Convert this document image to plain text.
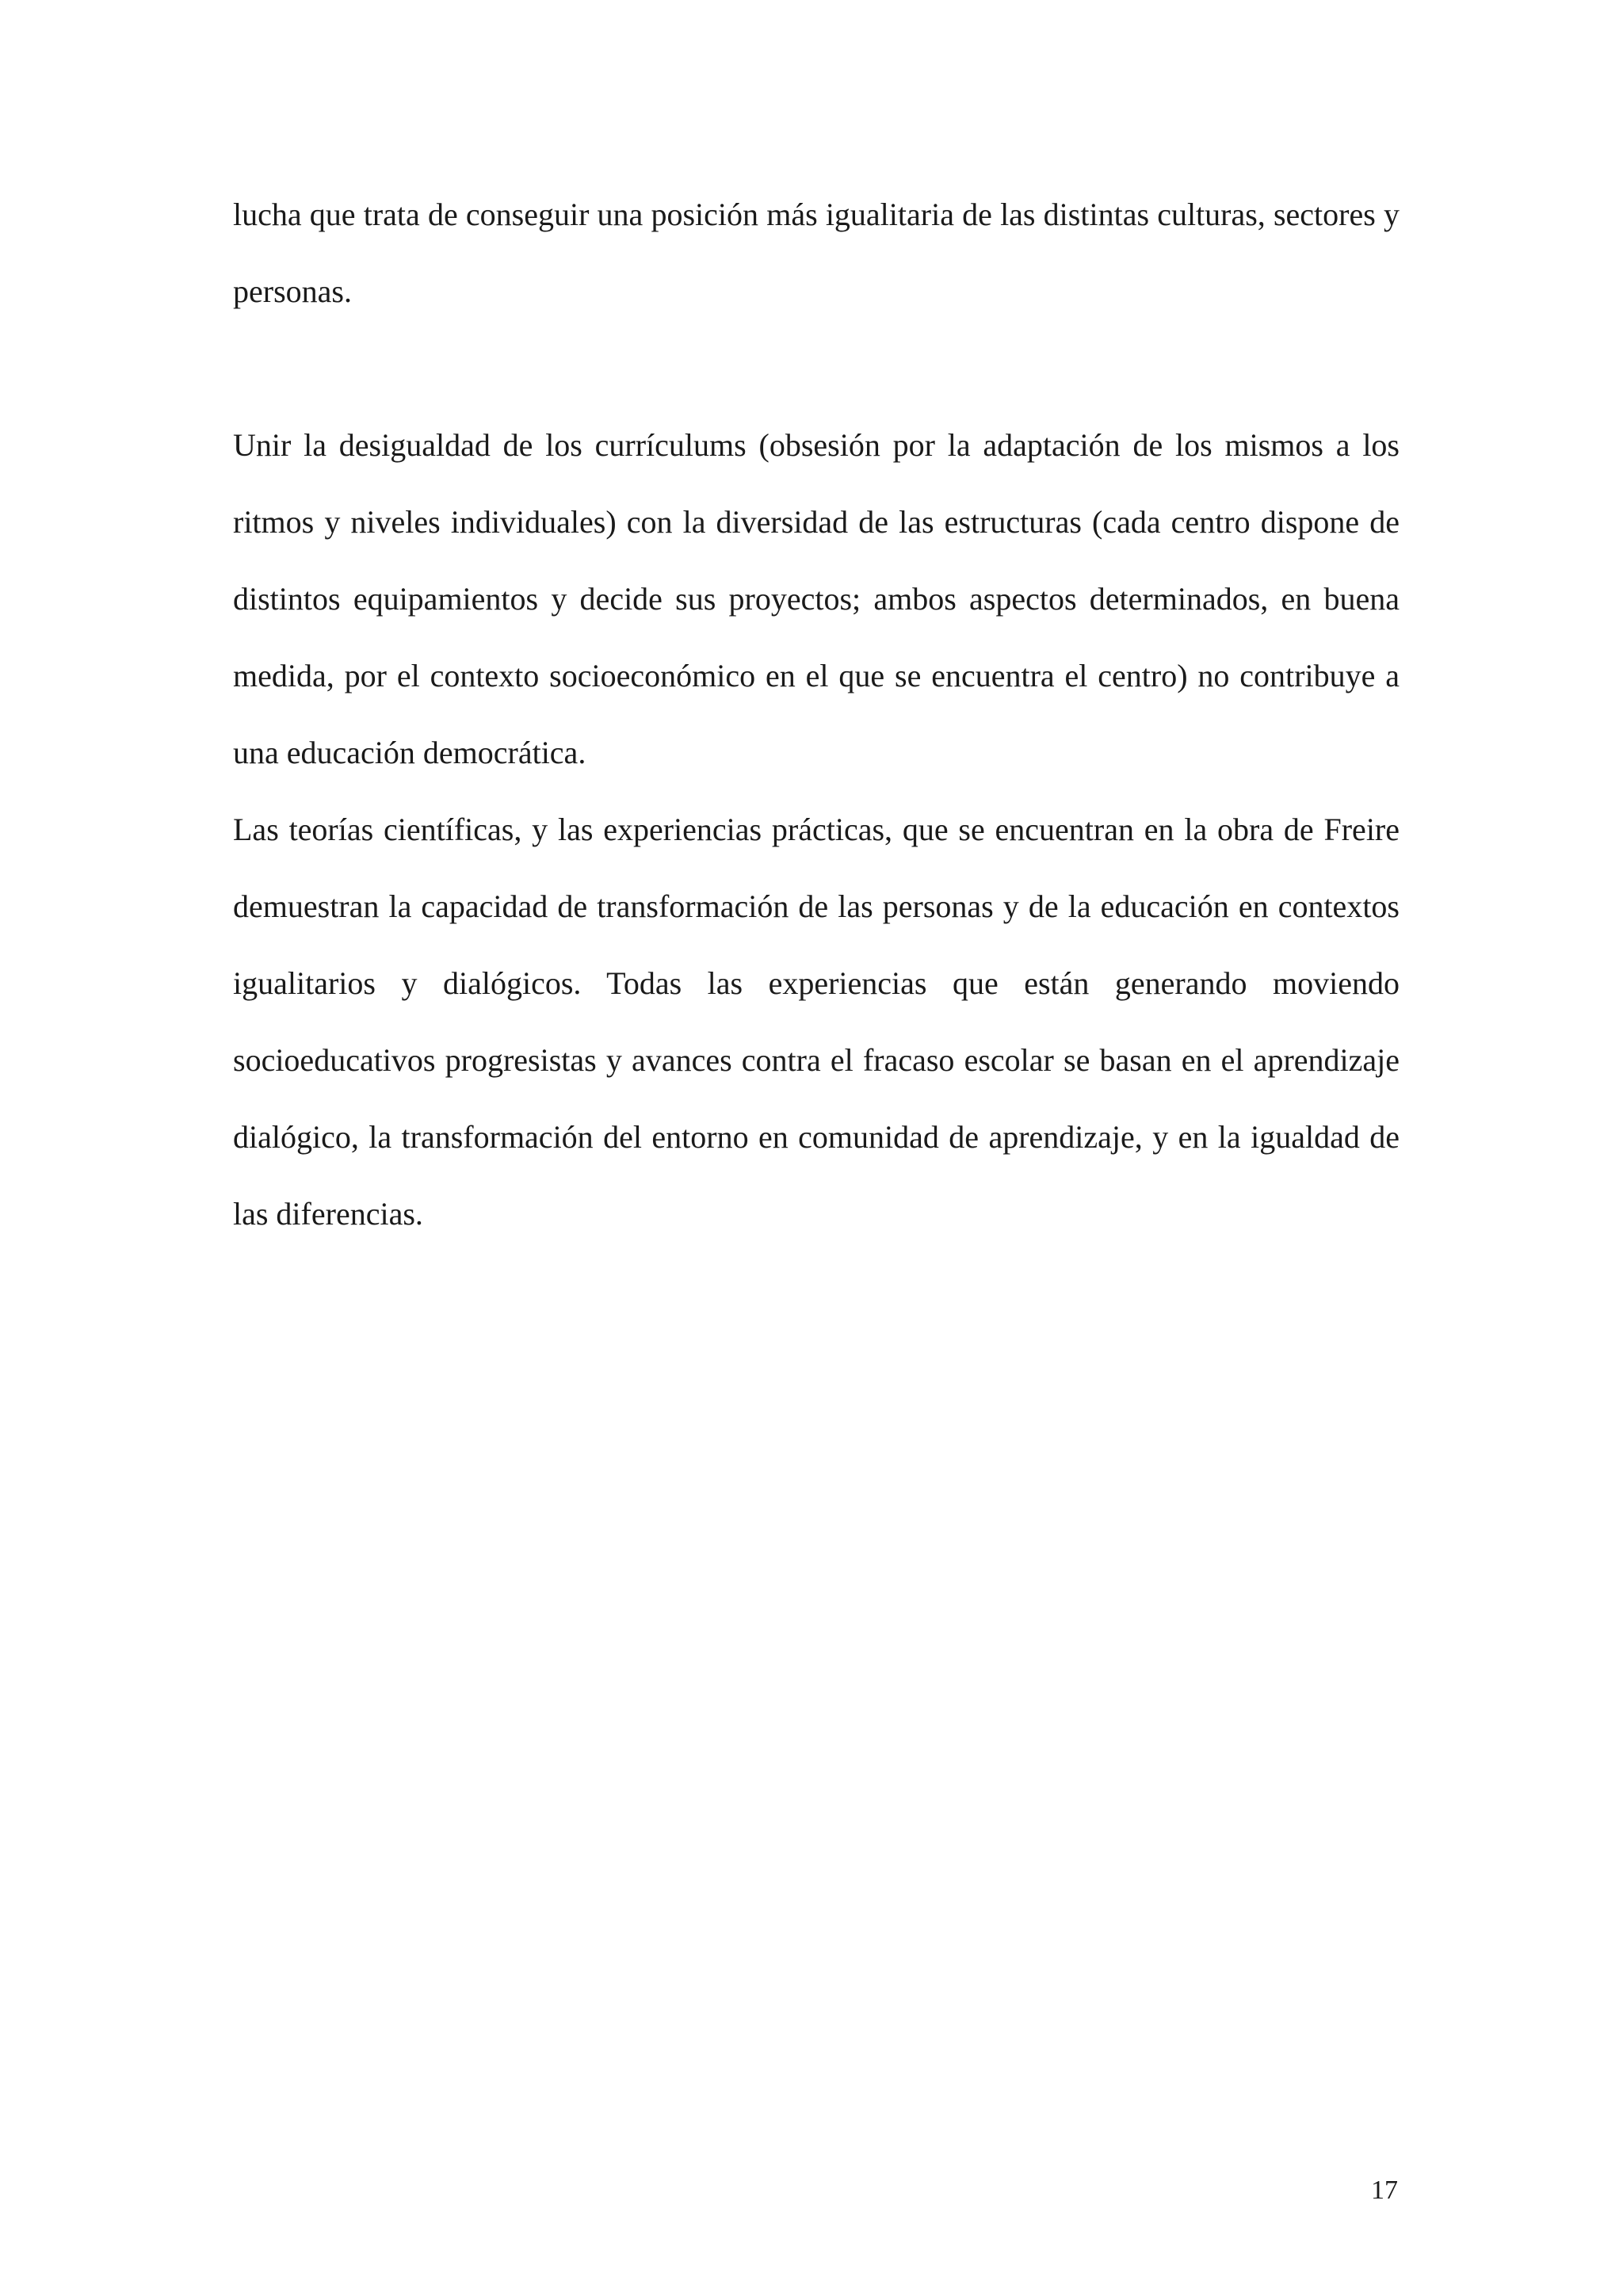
lucha que trata de conseguir una posición más igualitaria de las distintas culturas, sectores y personas.

Unir la desigualdad de los currículums (obsesión por la adaptación de los mismos a los ritmos y niveles individuales) con la diversidad de las estructuras (cada centro dispone de distintos equipamientos y decide sus proyectos; ambos aspectos determinados, en buena medida, por el contexto socioeconómico en el que se encuentra el centro) no contribuye a una educación democrática.

Las teorías científicas, y las experiencias prácticas, que se encuentran en la obra de Freire demuestran la capacidad de transformación de las personas y de la educación en contextos igualitarios y dialógicos. Todas las experiencias que están generando moviendo socioeducativos progresistas y avances contra el fracaso escolar se basan en el aprendizaje dialógico, la transformación del entorno en comunidad de aprendizaje, y en la igualdad de las diferencias.

17
